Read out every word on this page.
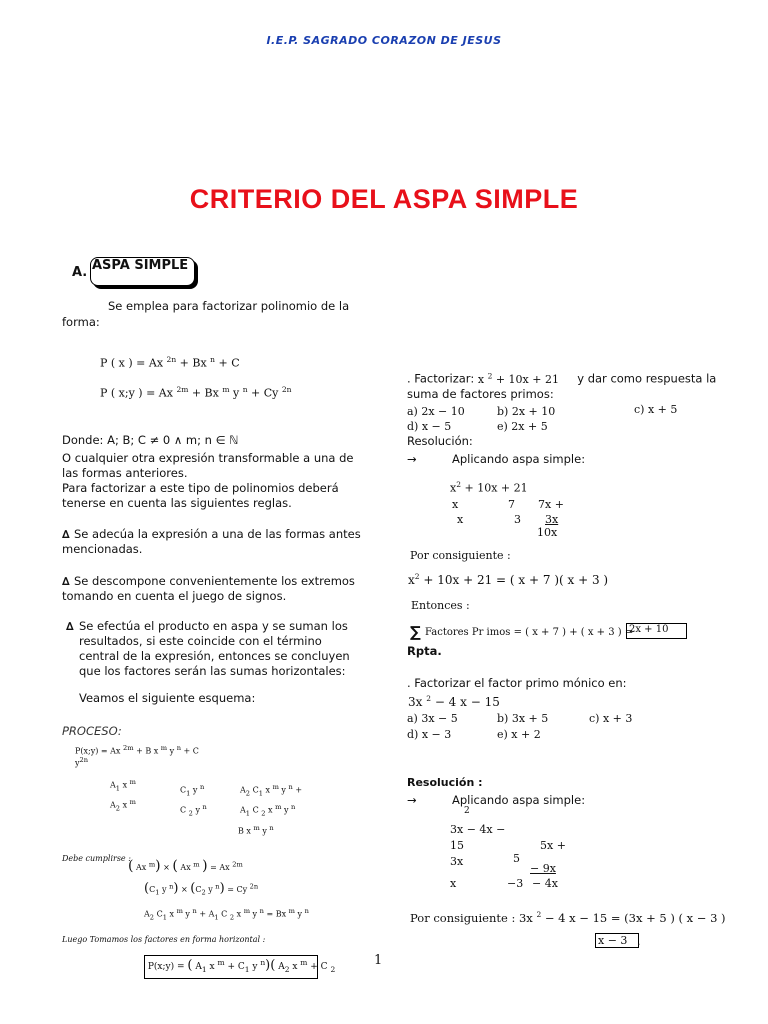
I.E.P. SAGRADO CORAZON DE JESUS
CRITERIO DEL ASPA SIMPLE
A. ASPA SIMPLE
Se emplea para factorizar polinomio de la
forma:
P ( x ) = Ax $^{2n}$ + Bx $^n$ + C
P ( x;y ) = Ax $^{2m}$ + Bx $^m$ y $^n$ + Cy $^{2n}$
Donde: A; B; C ≠ 0 ∧ m; n ∈ ℕ
O cualquier otra expresión transformable a una de
las formas anteriores.
Para factorizar a este tipo de polinomios deberá
tenerse en cuenta las siguientes reglas.
∆ Se adecúa la expresión a una de las formas antes
mencionadas.
∆ Se descompone convenientemente los extremos
tomando en cuenta el juego de signos.
∆ Se efectúa el producto en aspa y se suman los
resultados, si este coincide con el término
central de la expresión, entonces se concluyen
que los factores serán las sumas horizontales:
Veamos el siguiente esquema:
PROCESO:
P(x;y) = Ax $^{2m}$ + B x $^m$ y $^n$ + C
$y^{2n}$
$A_1$ x $^m$
$C_1$ y $^n$	$A_2$ $C_1$ x $^m$ y $^n$ +
$A_2$ x $^m$
C $_2$ y $^n$	$A_1$ C $_2$ x $^m$ y $^n$
B x $^m$ y $^n$
Debe cumplirse :
( Ax $^m$) × ( Ax $^m$ ) = Ax $^{2m}$
($C_1$ y $^n) \times (C_2$ y $^n$) = Cy $^{2n}$
$A_2$ $C_1$ x $^m$ y $^n + A_1$ C $_2$ x $^m$ y $^n$ = Bx $^m$ y $^n$
Luego Tomamos los factores en forma horizontal :
P(x;y) = ( $A_1$ x $^m + C_1$ y $^n$)( $A_2$ x $^m$ + C $_2$
1
. Factorizar: x $^2$ + 10x + 21     y dar como respuesta la
suma de factores primos:
a) 2x − 10	b) 2x + 10	c) x + 5
d) x − 5	e) 2x + 5
Resolución:
→	Aplicando aspa simple:
$x^2 + 10x + 21$
x	7 7x +
x	3 3x
10x
Por consiguiente :
$x^2 + 10x + 21$ = ( x + 7 )( x + 3 )
Entonces :
∑ Factores Pr imos = ( x + 7 ) + ( x + 3 ) =
2x + 10
Rpta.
. Factorizar el factor primo mónico en:
3x $^2$ − 4 x − 15
a) 3x − 5	b) 3x + 5	c) x + 3
d) x − 3	e) x + 2
Resolución :
→	Aplicando aspa simple:
2
3x − 4x −
15	5x +
3x	5
− 9x
x	−3 − 4x
Por consiguiente : 3x $^2$ − 4 x − 15 = (3x + 5 ) ( x − 3 )
x − 3 .
